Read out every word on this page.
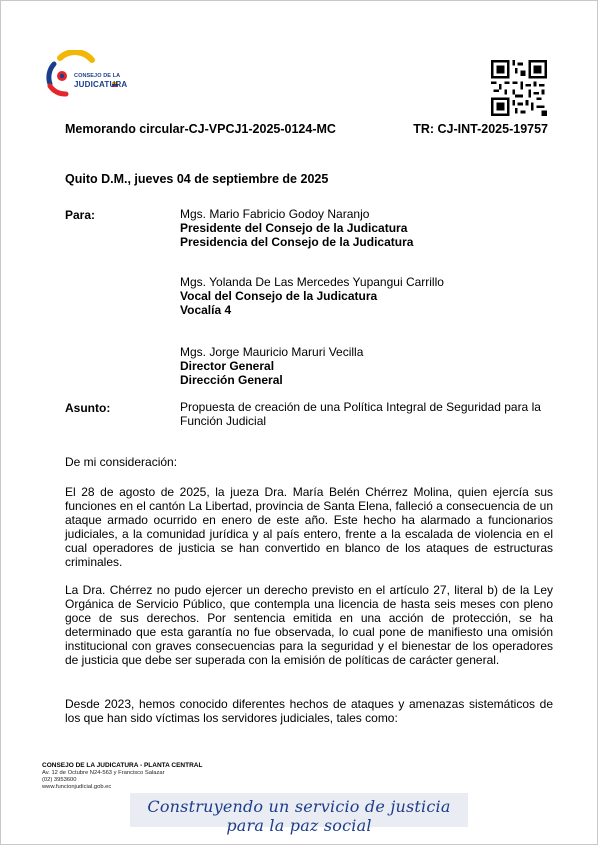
CONSEJO DE LA
JUDICATURA
Memorando circular-CJ-VPCJ1-2025-0124-MC	TR: CJ-INT-2025-19757
Quito D.M., jueves 04 de septiembre de 2025
Para:	Mgs. Mario Fabricio Godoy Naranjo
Presidente del Consejo de la Judicatura
Presidencia del Consejo de la Judicatura
Mgs. Yolanda De Las Mercedes Yupangui Carrillo
Vocal del Consejo de la Judicatura
Vocalía 4
Mgs. Jorge Mauricio Maruri Vecilla
Director General
Dirección General
Asunto:	Propuesta de creación de una Política Integral de Seguridad para la Función Judicial
De mi consideración:
El 28 de agosto de 2025, la jueza Dra. María Belén Chérrez Molina, quien ejercía sus funciones en el cantón La Libertad, provincia de Santa Elena, falleció a consecuencia de un ataque armado ocurrido en enero de este año. Este hecho ha alarmado a funcionarios judiciales, a la comunidad jurídica y al país entero, frente a la escalada de violencia en el cual operadores de justicia se han convertido en blanco de los ataques de estructuras criminales.
La Dra. Chérrez no pudo ejercer un derecho previsto en el artículo 27, literal b) de la Ley Orgánica de Servicio Público, que contempla una licencia de hasta seis meses con pleno goce de sus derechos. Por sentencia emitida en una acción de protección, se ha determinado que esta garantía no fue observada, lo cual pone de manifiesto una omisión institucional con graves consecuencias para la seguridad y el bienestar de los operadores de justicia que debe ser superada con la emisión de políticas de carácter general.
Desde 2023, hemos conocido diferentes hechos de ataques y amenazas sistemáticos de los que han sido víctimas los servidores judiciales, tales como:
CONSEJO DE LA JUDICATURA - PLANTA CENTRAL
Av. 12 de Octubre N24-563 y Francisco Salazar
(02) 3953600
www.funcionjudicial.gob.ec
Construyendo un servicio de justicia para la paz social
